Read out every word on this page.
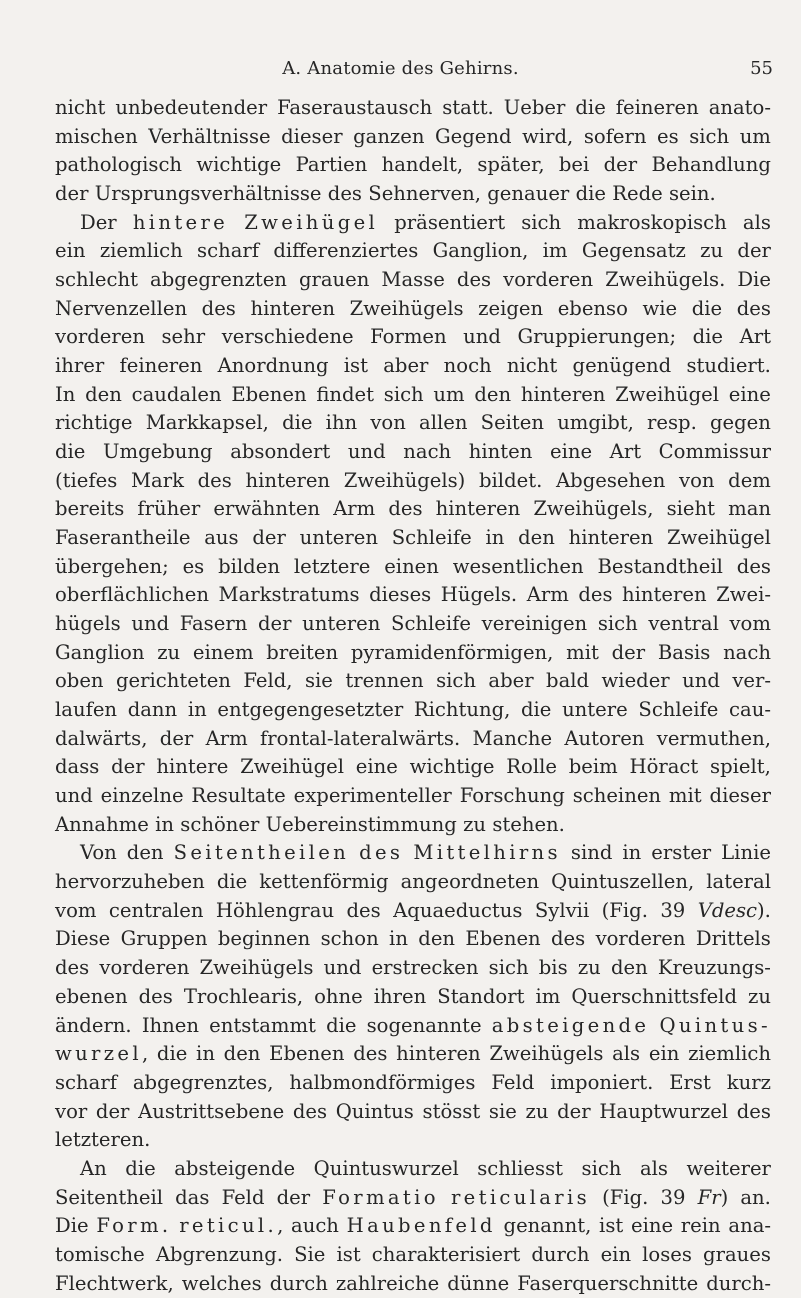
A. Anatomie des Gehirns.	55
nicht unbedeutender Faseraustausch statt. Ueber die feineren anato-
mischen Verhältnisse dieser ganzen Gegend wird, sofern es sich um
pathologisch wichtige Partien handelt, später, bei der Behandlung
der Ursprungsverhältnisse des Sehnerven, genauer die Rede sein.
Der hintere Zweihügel präsentiert sich makroskopisch als
ein ziemlich scharf differenziertes Ganglion, im Gegensatz zu der
schlecht abgegrenzten grauen Masse des vorderen Zweihügels. Die
Nervenzellen des hinteren Zweihügels zeigen ebenso wie die des
vorderen sehr verschiedene Formen und Gruppierungen; die Art
ihrer feineren Anordnung ist aber noch nicht genügend studiert.
In den caudalen Ebenen findet sich um den hinteren Zweihügel eine
richtige Markkapsel, die ihn von allen Seiten umgibt, resp. gegen
die Umgebung absondert und nach hinten eine Art Commissur
(tiefes Mark des hinteren Zweihügels) bildet. Abgesehen von dem
bereits früher erwähnten Arm des hinteren Zweihügels, sieht man
Faserantheile aus der unteren Schleife in den hinteren Zweihügel
übergehen; es bilden letztere einen wesentlichen Bestandtheil des
oberflächlichen Markstratums dieses Hügels. Arm des hinteren Zwei-
hügels und Fasern der unteren Schleife vereinigen sich ventral vom
Ganglion zu einem breiten pyramidenförmigen, mit der Basis nach
oben gerichteten Feld, sie trennen sich aber bald wieder und ver-
laufen dann in entgegengesetzter Richtung, die untere Schleife cau-
dalwärts, der Arm frontal-lateralwärts. Manche Autoren vermuthen,
dass der hintere Zweihügel eine wichtige Rolle beim Höract spielt,
und einzelne Resultate experimenteller Forschung scheinen mit dieser
Annahme in schöner Uebereinstimmung zu stehen.
Von den Seitentheilen des Mittelhirns sind in erster Linie
hervorzuheben die kettenförmig angeordneten Quintuszellen, lateral
vom centralen Höhlengrau des Aquaeductus Sylvii (Fig. 39 Vdesc).
Diese Gruppen beginnen schon in den Ebenen des vorderen Drittels
des vorderen Zweihügels und erstrecken sich bis zu den Kreuzungs-
ebenen des Trochlearis, ohne ihren Standort im Querschnittsfeld zu
ändern. Ihnen entstammt die sogenannte absteigende Quintus-
wurzel, die in den Ebenen des hinteren Zweihügels als ein ziemlich
scharf abgegrenztes, halbmondförmiges Feld imponiert. Erst kurz
vor der Austrittsebene des Quintus stösst sie zu der Hauptwurzel des
letzteren.
An die absteigende Quintuswurzel schliesst sich als weiterer
Seitentheil das Feld der Formatio reticularis (Fig. 39 Fr) an.
Die Form. reticul., auch Haubenfeld genannt, ist eine rein ana-
tomische Abgrenzung. Sie ist charakterisiert durch ein loses graues
Flechtwerk, welches durch zahlreiche dünne Faserquerschnitte durch-
